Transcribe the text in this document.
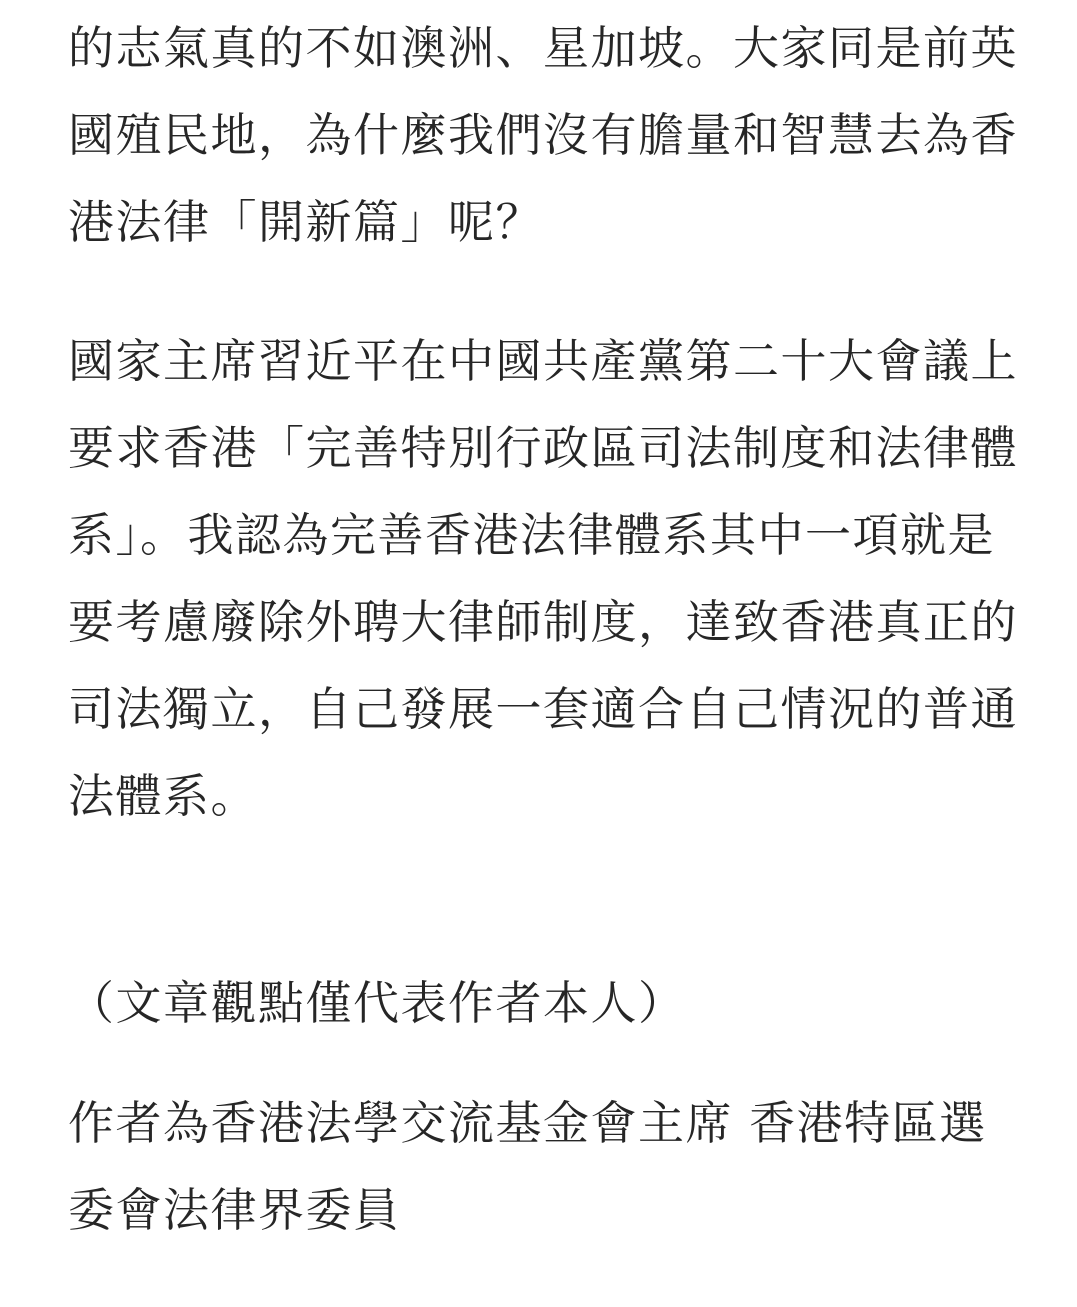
的志氣真的不如澳洲、星加坡。大家同是前英國殖民地，為什麼我們沒有膽量和智慧去為香港法律「開新篇」呢？

國家主席習近平在中國共產黨第二十大會議上要求香港「完善特別行政區司法制度和法律體系」。我認為完善香港法律體系其中一項就是要考慮廢除外聘大律師制度，達致香港真正的司法獨立，自己發展一套適合自己情況的普通法體系。

（文章觀點僅代表作者本人）

作者為香港法學交流基金會主席 香港特區選委會法律界委員
